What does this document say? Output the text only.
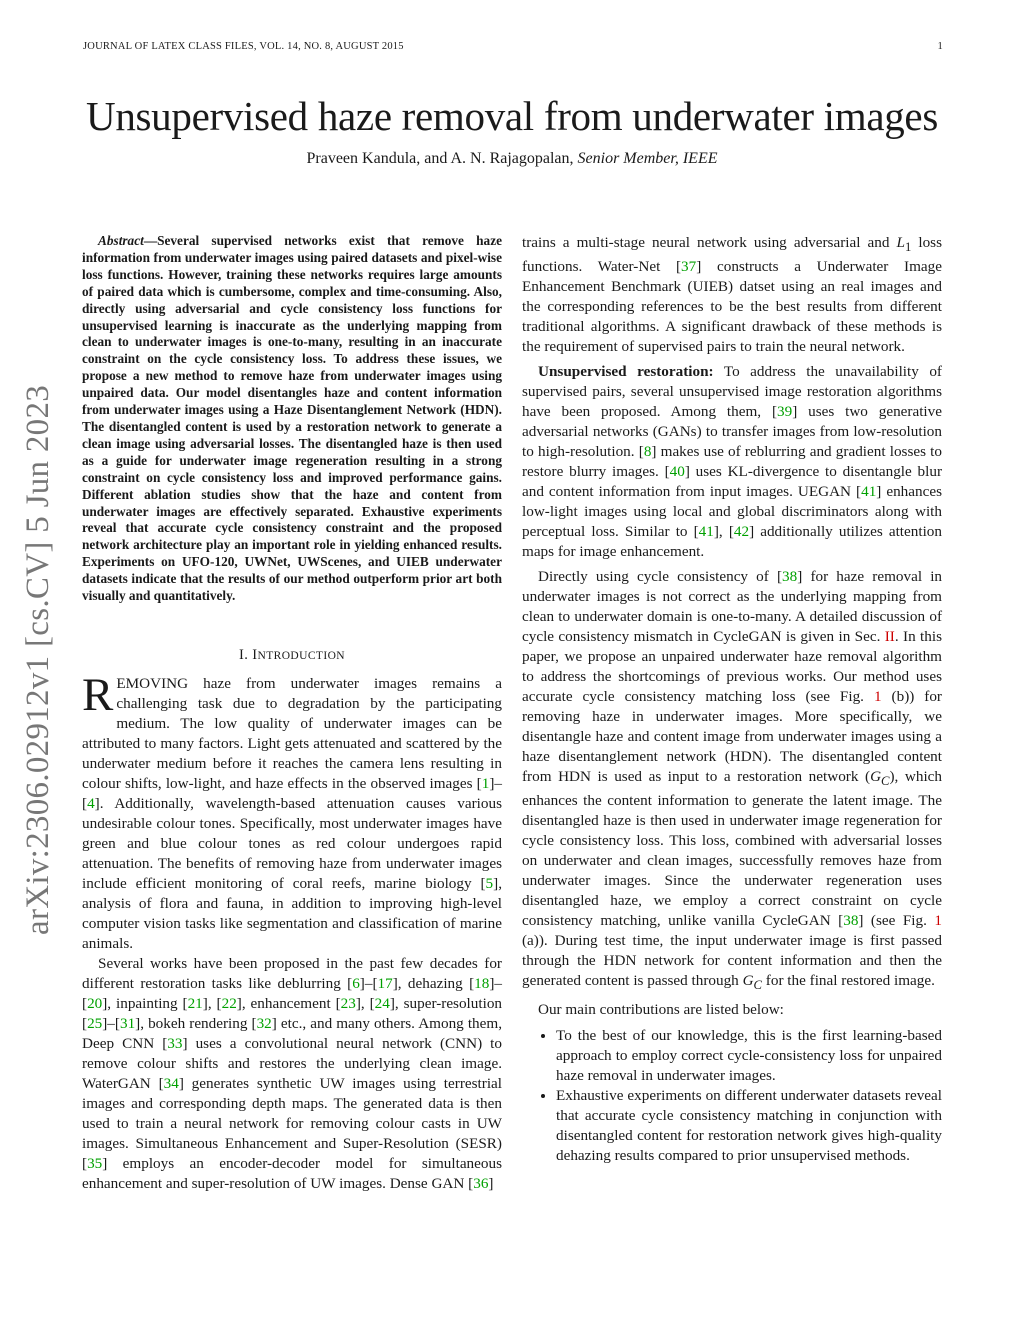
JOURNAL OF LATEX CLASS FILES, VOL. 14, NO. 8, AUGUST 2015	1
Unsupervised haze removal from underwater images
Praveen Kandula, and A. N. Rajagopalan, Senior Member, IEEE
arXiv:2306.02912v1 [cs.CV] 5 Jun 2023

Abstract—Several supervised networks exist that remove haze information from underwater images using paired datasets and pixel-wise loss functions. However, training these networks requires large amounts of paired data which is cumbersome, complex and time-consuming. Also, directly using adversarial and cycle consistency loss functions for unsupervised learning is inaccurate as the underlying mapping from clean to underwater images is one-to-many, resulting in an inaccurate constraint on the cycle consistency loss. To address these issues, we propose a new method to remove haze from underwater images using unpaired data. Our model disentangles haze and content information from underwater images using a Haze Disentanglement Network (HDN). The disentangled content is used by a restoration network to generate a clean image using adversarial losses. The disentangled haze is then used as a guide for underwater image regeneration resulting in a strong constraint on cycle consistency loss and improved performance gains. Different ablation studies show that the haze and content from underwater images are effectively separated. Exhaustive experiments reveal that accurate cycle consistency constraint and the proposed network architecture play an important role in yielding enhanced results. Experiments on UFO-120, UWNet, UWScenes, and UIEB underwater datasets indicate that the results of our method outperform prior art both visually and quantitatively.

I. INTRODUCTION

REMOVING haze from underwater images remains a challenging task due to degradation by the participating medium. The low quality of underwater images can be attributed to many factors. Light gets attenuated and scattered by the underwater medium before it reaches the camera lens resulting in colour shifts, low-light, and haze effects in the observed images [1]–[4]. Additionally, wavelength-based attenuation causes various undesirable colour tones. Specifically, most underwater images have green and blue colour tones as red colour undergoes rapid attenuation. The benefits of removing haze from underwater images include efficient monitoring of coral reefs, marine biology [5], analysis of flora and fauna, in addition to improving high-level computer vision tasks like segmentation and classification of marine animals.

Several works have been proposed in the past few decades for different restoration tasks like deblurring [6]–[17], dehazing [18]–[20], inpainting [21], [22], enhancement [23], [24], super-resolution [25]–[31], bokeh rendering [32] etc., and many others. Among them, Deep CNN [33] uses a convolutional neural network (CNN) to remove colour shifts and restores the underlying clean image. WaterGAN [34] generates synthetic UW images using terrestrial images and corresponding depth maps. The generated data is then used to train a neural network for removing colour casts in UW images. Simultaneous Enhancement and Super-Resolution (SESR) [35] employs an encoder-decoder model for simultaneous enhancement and super-resolution of UW images. Dense GAN [36]

trains a multi-stage neural network using adversarial and $L_1$ loss functions. Water-Net [37] constructs a Underwater Image Enhancement Benchmark (UIEB) datset using an real images and the corresponding references to be the best results from different traditional algorithms. A significant drawback of these methods is the requirement of supervised pairs to train the neural network.

Unsupervised restoration: To address the unavailability of supervised pairs, several unsupervised image restoration algorithms have been proposed. Among them, [39] uses two generative adversarial networks (GANs) to transfer images from low-resolution to high-resolution. [8] makes use of reblurring and gradient losses to restore blurry images. [40] uses KL-divergence to disentangle blur and content information from input images. UEGAN [41] enhances low-light images using local and global discriminators along with perceptual loss. Similar to [41], [42] additionally utilizes attention maps for image enhancement.

Directly using cycle consistency of [38] for haze removal in underwater images is not correct as the underlying mapping from clean to underwater domain is one-to-many. A detailed discussion of cycle consistency mismatch in CycleGAN is given in Sec. II. In this paper, we propose an unpaired underwater haze removal algorithm to address the shortcomings of previous works. Our method uses accurate cycle consistency matching loss (see Fig. 1 (b)) for removing haze in underwater images. More specifically, we disentangle haze and content image from underwater images using a haze disentanglement network (HDN). The disentangled content from HDN is used as input to a restoration network $(G_C)$, which enhances the content information to generate the latent image. The disentangled haze is then used in underwater image regeneration for cycle consistency loss. This loss, combined with adversarial losses on underwater and clean images, successfully removes haze from underwater images. Since the underwater regeneration uses disentangled haze, we employ a correct constraint on cycle consistency matching, unlike vanilla CycleGAN [38] (see Fig. 1 (a)). During test time, the input underwater image is first passed through the HDN network for content information and then the generated content is passed through $G_C$ for the final restored image.

Our main contributions are listed below:

• To the best of our knowledge, this is the first learning-based approach to employ correct cycle-consistency loss for unpaired haze removal in underwater images.
• Exhaustive experiments on different underwater datasets reveal that accurate cycle consistency matching in conjunction with disentangled content for restoration network gives high-quality dehazing results compared to prior unsupervised methods.
